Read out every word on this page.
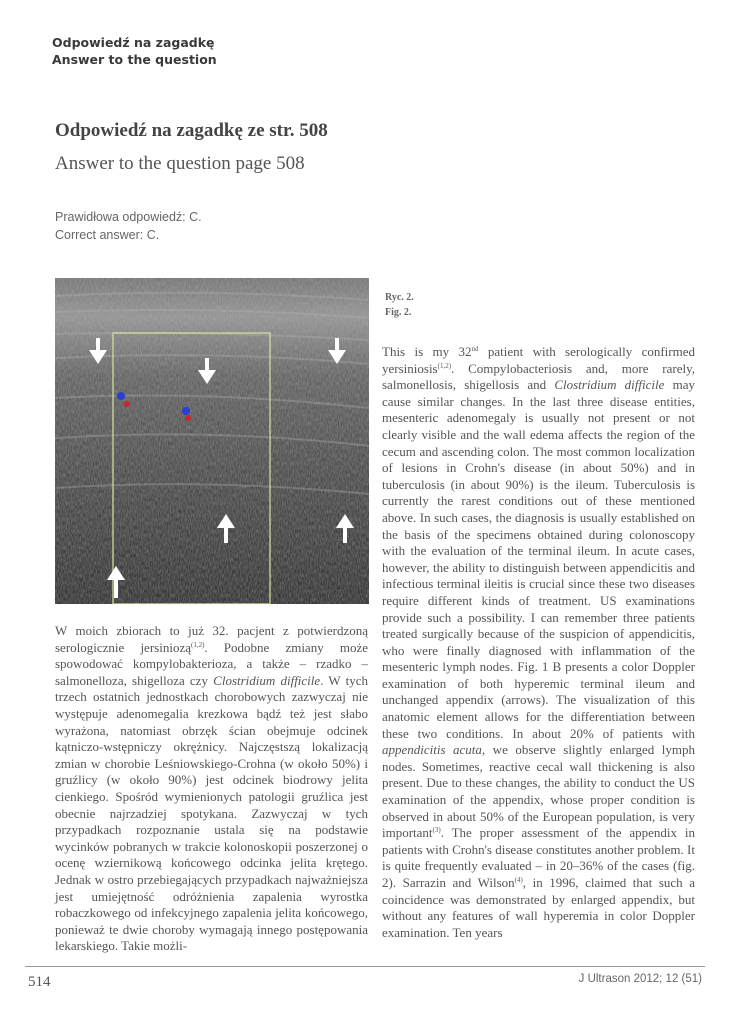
Odpowiedź na zagadkę
Answer to the question
Odpowiedź na zagadkę ze str. 508
Answer to the question page 508
Prawidłowa odpowiedź: C.
Correct answer: C.
Ryc. 2.
Fig. 2.

W moich zbiorach to już 32. pacjent z potwierdzoną serologicznie jersiniozą$^{(1,2)}$. Podobne zmiany może spowodować kompylobakterioza, a także – rzadko – salmonelloza, shigelloza czy Clostridium difficile. W tych trzech ostatnich jednostkach chorobowych zazwyczaj nie występuje adenomegalia krezkowa bądź też jest słabo wyrażona, natomiast obrzęk ścian obejmuje odcinek kątniczo-wstępniczy okrężnicy. Najczęstszą lokalizacją zmian w chorobie Leśniowskiego-Crohna (w około 50%) i gruźlicy (w około 90%) jest odcinek biodrowy jelita cienkiego. Spośród wymienionych patologii gruźlica jest obecnie najrzadziej spotykana. Zazwyczaj w tych przypadkach rozpoznanie ustala się na podstawie wycinków pobranych w trakcie kolonoskopii poszerzonej o ocenę wziernikową końcowego odcinka jelita krętego. Jednak w ostro przebiegających przypadkach najważniejsza jest umiejętność odróżnienia zapalenia wyrostka robaczkowego od infekcyjnego zapalenia jelita końcowego, ponieważ te dwie choroby wymagają innego postępowania lekarskiego. Takie możli-

This is my 32nd patient with serologically confirmed yersiniosis$^{(1,2)}$. Compylobacteriosis and, more rarely, salmonellosis, shigellosis and Clostridium difficile may cause similar changes. In the last three disease entities, mesenteric adenomegaly is usually not present or not clearly visible and the wall edema affects the region of the cecum and ascending colon. The most common localization of lesions in Crohn's disease (in about 50%) and in tuberculosis (in about 90%) is the ileum. Tuberculosis is currently the rarest conditions out of these mentioned above. In such cases, the diagnosis is usually established on the basis of the specimens obtained during colonoscopy with the evaluation of the terminal ileum. In acute cases, however, the ability to distinguish between appendicitis and infectious terminal ileitis is crucial since these two diseases require different kinds of treatment. US examinations provide such a possibility. I can remember three patients treated surgically because of the suspicion of appendicitis, who were finally diagnosed with inflammation of the mesenteric lymph nodes. Fig. 1 B presents a color Doppler examination of both hyperemic terminal ileum and unchanged appendix (arrows). The visualization of this anatomic element allows for the differentiation between these two conditions. In about 20% of patients with appendicitis acuta, we observe slightly enlarged lymph nodes. Sometimes, reactive cecal wall thickening is also present. Due to these changes, the ability to conduct the US examination of the appendix, whose proper condition is observed in about 50% of the European population, is very important$^{(3)}$. The proper assessment of the appendix in patients with Crohn's disease constitutes another problem. It is quite frequently evaluated – in 20–36% of the cases (fig. 2). Sarrazin and Wilson$^{(4)}$, in 1996, claimed that such a coincidence was demonstrated by enlarged appendix, but without any features of wall hyperemia in color Doppler examination. Ten years

514	J Ultrason 2012; 12 (51)
